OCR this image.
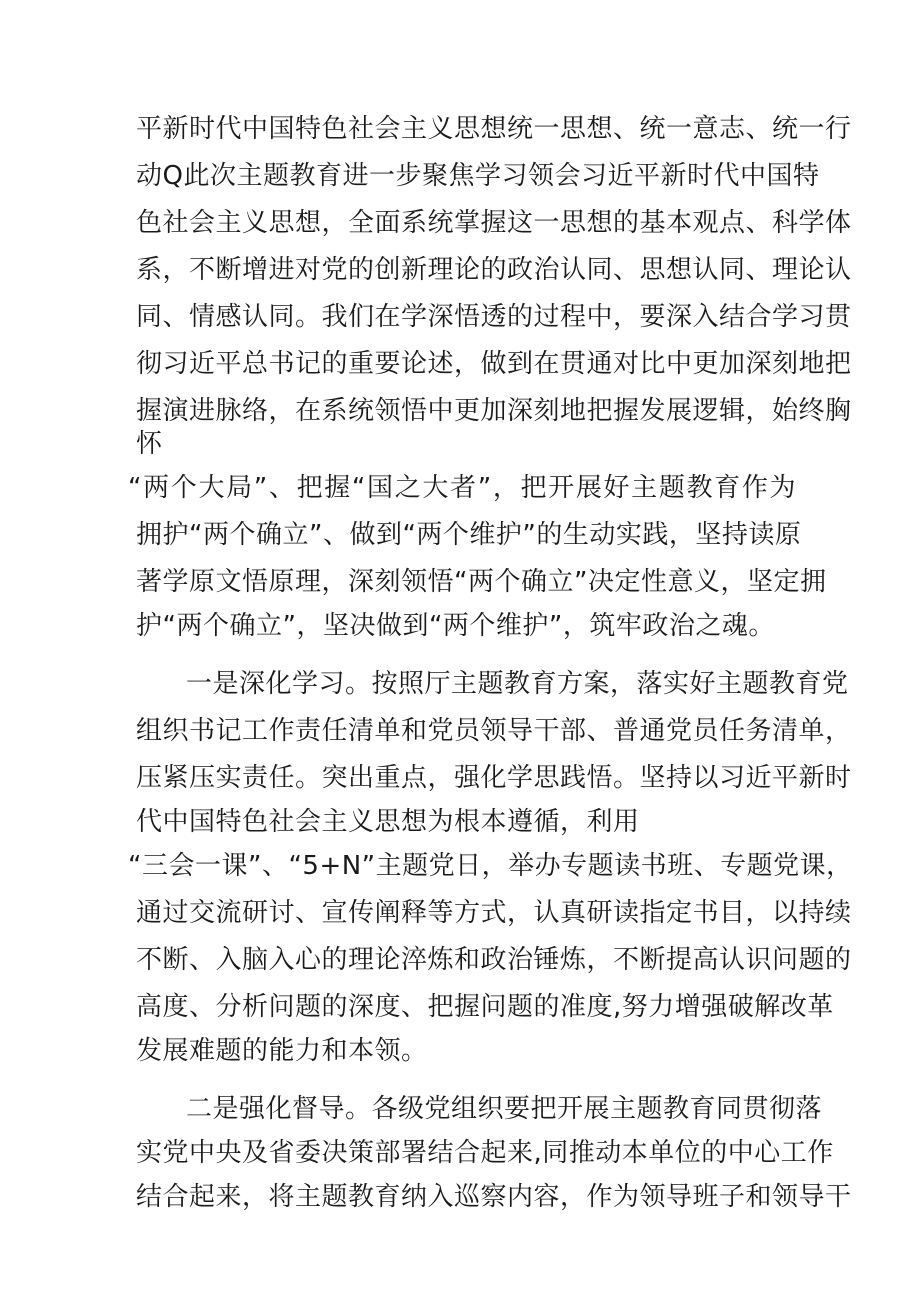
平新时代中国特色社会主义思想统一思想、统一意志、统一行
动Q此次主题教育进一步聚焦学习领会习近平新时代中国特
色社会主义思想，全面系统掌握这一思想的基本观点、科学体
系，不断增进对党的创新理论的政治认同、思想认同、理论认
同、情感认同。我们在学深悟透的过程中，要深入结合学习贯
彻习近平总书记的重要论述，做到在贯通对比中更加深刻地把
握演进脉络，在系统领悟中更加深刻地把握发展逻辑，始终胸
怀
“两个大局”、把握“国之大者”，把开展好主题教育作为
拥护“两个确立”、做到“两个维护”的生动实践，坚持读原
著学原文悟原理，深刻领悟“两个确立”决定性意义，坚定拥
护“两个确立”，坚决做到“两个维护”，筑牢政治之魂。
一是深化学习。按照厅主题教育方案，落实好主题教育党
组织书记工作责任清单和党员领导干部、普通党员任务清单，
压紧压实责任。突出重点，强化学思践悟。坚持以习近平新时
代中国特色社会主义思想为根本遵循，利用
“三会一课”、“5+N”主题党日，举办专题读书班、专题党课，
通过交流研讨、宣传阐释等方式，认真研读指定书目，以持续
不断、入脑入心的理论淬炼和政治锤炼，不断提高认识问题的
高度、分析问题的深度、把握问题的准度,努力增强破解改革
发展难题的能力和本领。
二是强化督导。各级党组织要把开展主题教育同贯彻落
实党中央及省委决策部署结合起来,同推动本单位的中心工作
结合起来，将主题教育纳入巡察内容，作为领导班子和领导干
